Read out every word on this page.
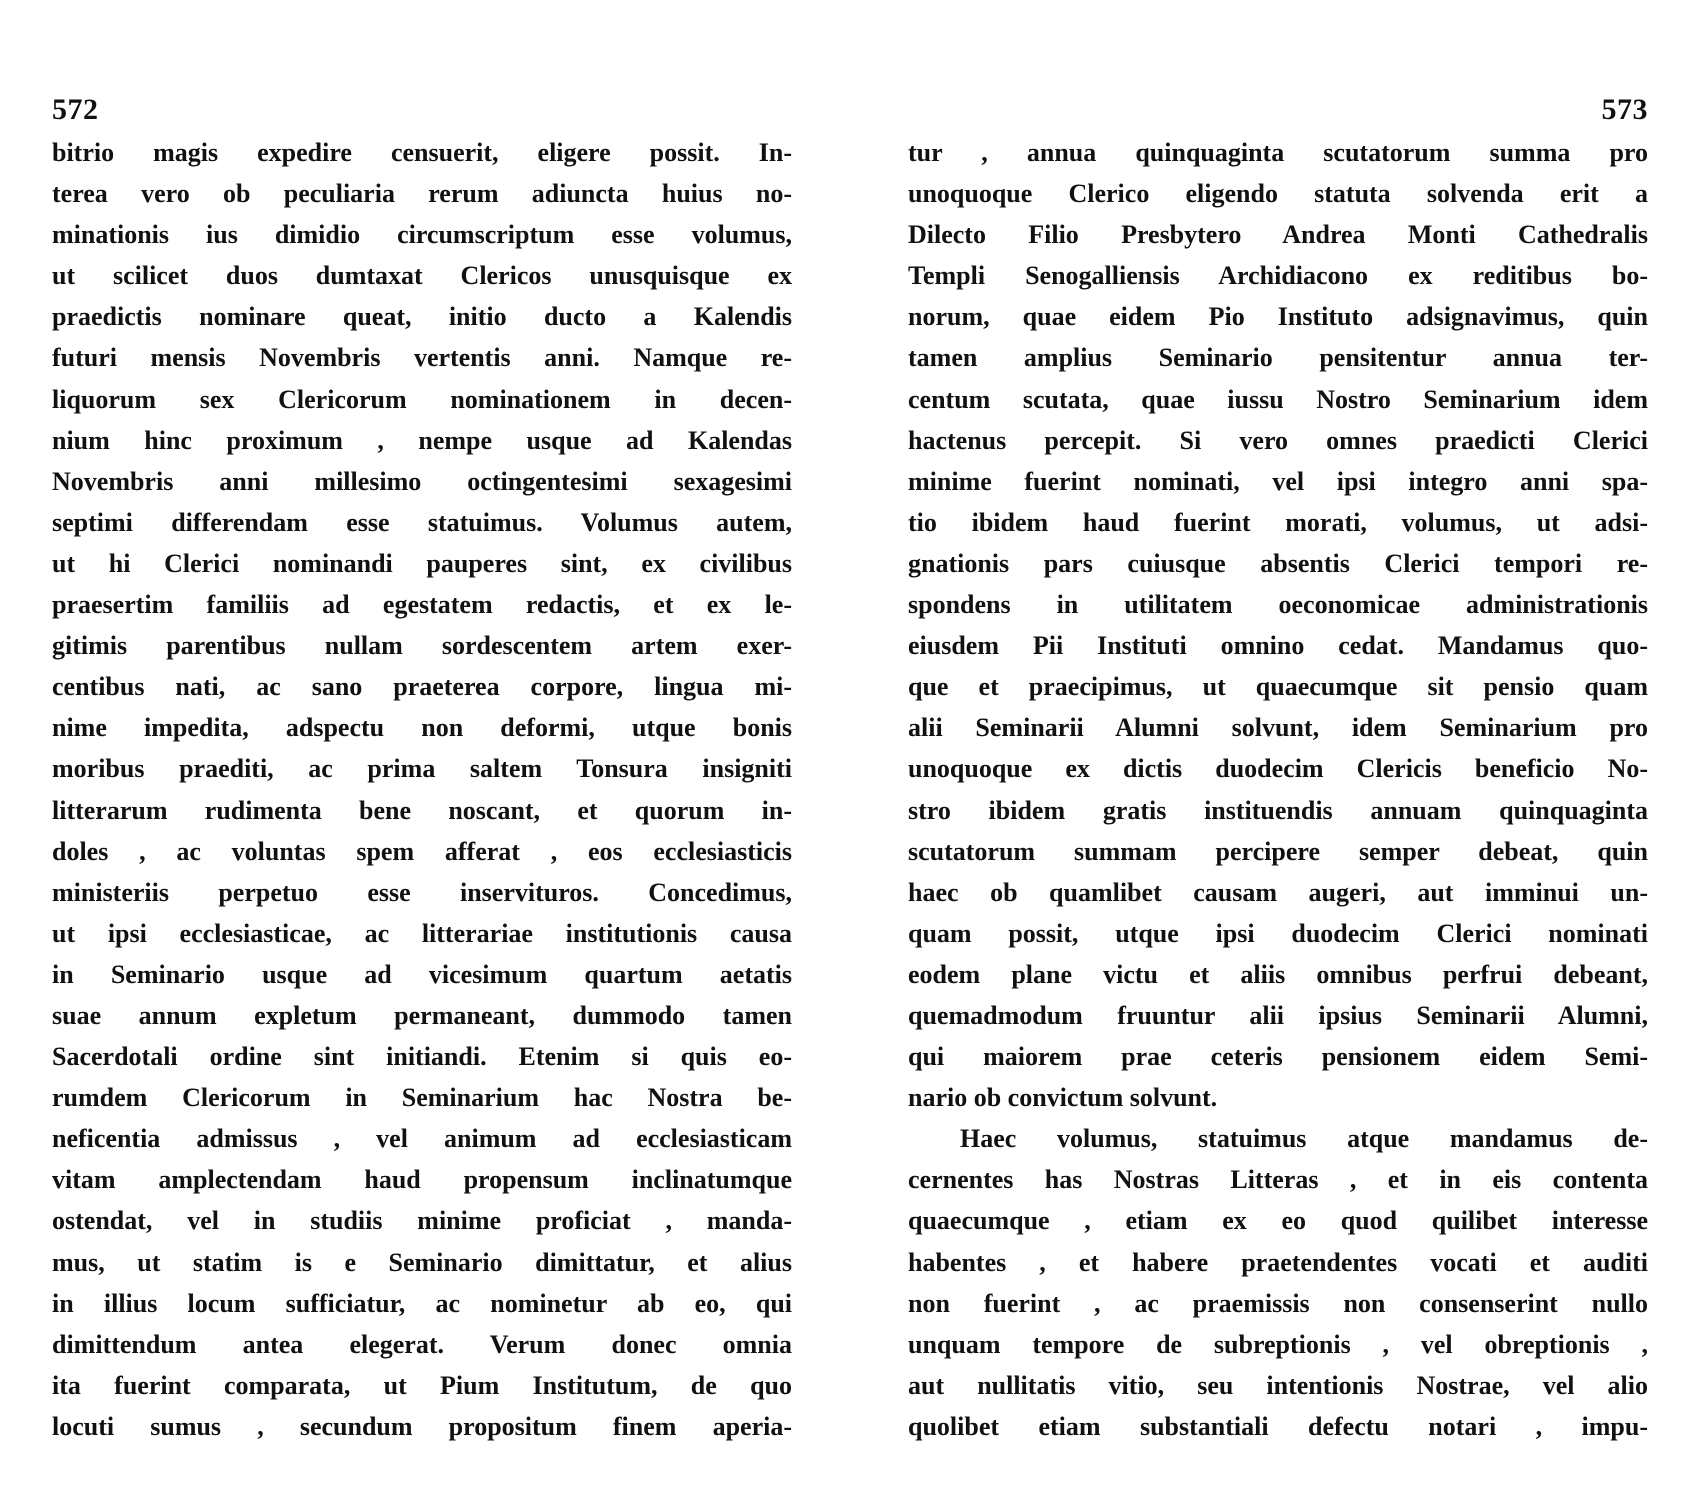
572
bitrio magis expedire censuerit, eligere possit. In-
terea vero ob peculiaria rerum adiuncta huius no-
minationis ius dimidio circumscriptum esse volumus,
ut scilicet duos dumtaxat Clericos unusquisque ex
praedictis nominare queat, initio ducto a Kalendis
futuri mensis Novembris vertentis anni. Namque re-
liquorum sex Clericorum nominationem in decen-
nium hinc proximum , nempe usque ad Kalendas
Novembris anni millesimo octingentesimi sexagesimi
septimi differendam esse statuimus. Volumus autem,
ut hi Clerici nominandi pauperes sint, ex civilibus
praesertim familiis ad egestatem redactis, et ex le-
gitimis parentibus nullam sordescentem artem exer-
centibus nati, ac sano praeterea corpore, lingua mi-
nime impedita, adspectu non deformi, utque bonis
moribus praediti, ac prima saltem Tonsura insigniti
litterarum rudimenta bene noscant, et quorum in-
doles , ac voluntas spem afferat , eos ecclesiasticis
ministeriis perpetuo esse inservituros. Concedimus,
ut ipsi ecclesiasticae, ac litterariae institutionis causa
in Seminario usque ad vicesimum quartum aetatis
suae annum expletum permaneant, dummodo tamen
Sacerdotali ordine sint initiandi. Etenim si quis eo-
rumdem Clericorum in Seminarium hac Nostra be-
neficentia admissus , vel animum ad ecclesiasticam
vitam amplectendam haud propensum inclinatumque
ostendat, vel in studiis minime proficiat , manda-
mus, ut statim is e Seminario dimittatur, et alius
in illius locum sufficiatur, ac nominetur ab eo, qui
dimittendum antea elegerat. Verum donec omnia
ita fuerint comparata, ut Pium Institutum, de quo
locuti sumus , secundum propositum finem aperia-
573
tur , annua quinquaginta scutatorum summa pro
unoquoque Clerico eligendo statuta solvenda erit a
Dilecto Filio Presbytero Andrea Monti Cathedralis
Templi Senogalliensis Archidiacono ex reditibus bo-
norum, quae eidem Pio Instituto adsignavimus, quin
tamen amplius Seminario pensitentur annua ter-
centum scutata, quae iussu Nostro Seminarium idem
hactenus percepit. Si vero omnes praedicti Clerici
minime fuerint nominati, vel ipsi integro anni spa-
tio ibidem haud fuerint morati, volumus, ut adsi-
gnationis pars cuiusque absentis Clerici tempori re-
spondens in utilitatem oeconomicae administrationis
eiusdem Pii Instituti omnino cedat. Mandamus quo-
que et praecipimus, ut quaecumque sit pensio quam
alii Seminarii Alumni solvunt, idem Seminarium pro
unoquoque ex dictis duodecim Clericis beneficio No-
stro ibidem gratis instituendis annuam quinquaginta
scutatorum summam percipere semper debeat, quin
haec ob quamlibet causam augeri, aut imminui un-
quam possit, utque ipsi duodecim Clerici nominati
eodem plane victu et aliis omnibus perfrui debeant,
quemadmodum fruuntur alii ipsius Seminarii Alumni,
qui maiorem prae ceteris pensionem eidem Semi-
nario ob convictum solvunt.
Haec volumus, statuimus atque mandamus de-
cernentes has Nostras Litteras , et in eis contenta
quaecumque , etiam ex eo quod quilibet interesse
habentes , et habere praetendentes vocati et auditi
non fuerint , ac praemissis non consenserint nullo
unquam tempore de subreptionis , vel obreptionis ,
aut nullitatis vitio, seu intentionis Nostrae, vel alio
quolibet etiam substantiali defectu notari , impu-
